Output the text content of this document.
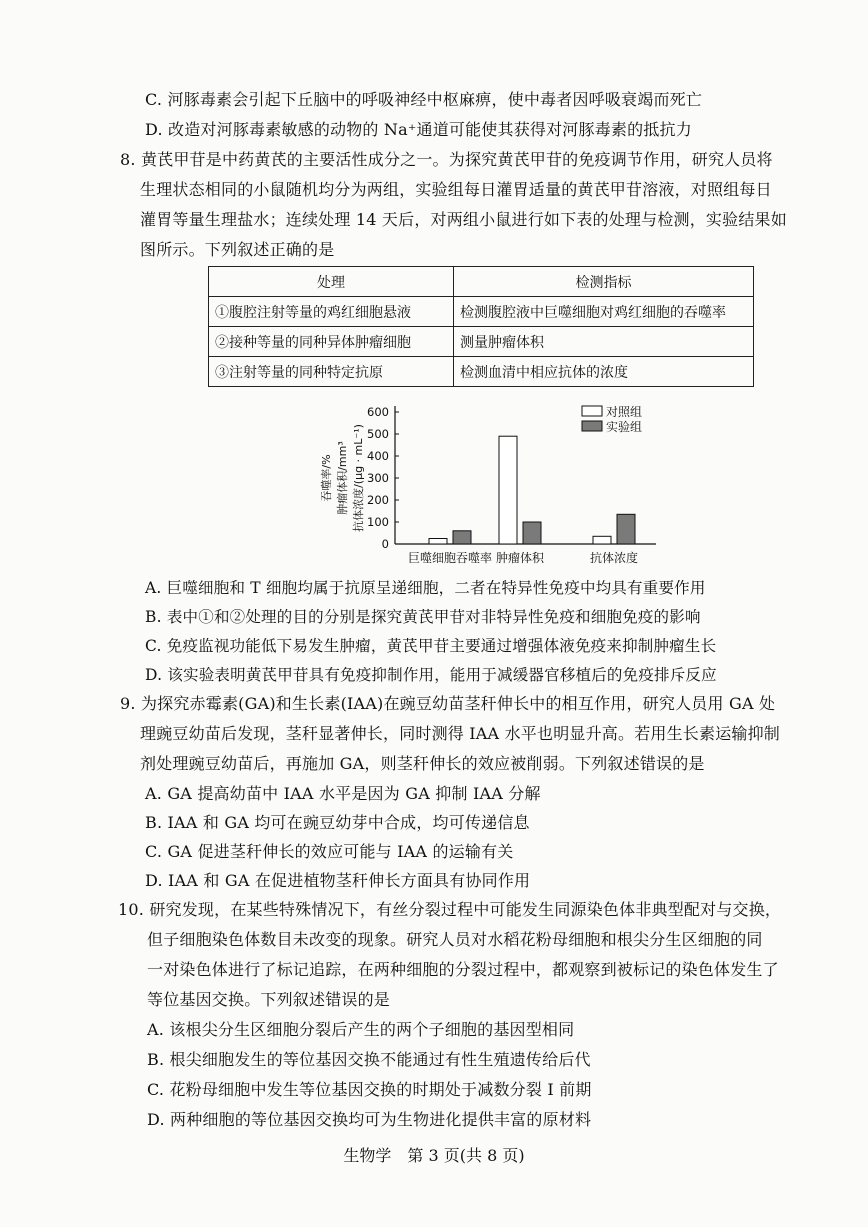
C. 河豚毒素会引起下丘脑中的呼吸神经中枢麻痹，使中毒者因呼吸衰竭而死亡
D. 改造对河豚毒素敏感的动物的 Na⁺通道可能使其获得对河豚毒素的抵抗力
8. 黄芪甲苷是中药黄芪的主要活性成分之一。为探究黄芪甲苷的免疫调节作用，研究人员将
生理状态相同的小鼠随机均分为两组，实验组每日灌胃适量的黄芪甲苷溶液，对照组每日
灌胃等量生理盐水；连续处理 14 天后，对两组小鼠进行如下表的处理与检测，实验结果如
图所示。下列叙述正确的是
处理	检测指标
①腹腔注射等量的鸡红细胞悬液	检测腹腔液中巨噬细胞对鸡红细胞的吞噬率
②接种等量的同种异体肿瘤细胞	测量肿瘤体积
③注射等量的同种特定抗原	检测血清中相应抗体的浓度
吞噬率/% 肿瘤体积/mm³ 抗体浓度/(μg · mL⁻¹)
0
100
200
300
400
500
600
巨噬细胞吞噬率 肿瘤体积	抗体浓度
对照组
实验组
A. 巨噬细胞和 T 细胞均属于抗原呈递细胞，二者在特异性免疫中均具有重要作用
B. 表中①和②处理的目的分别是探究黄芪甲苷对非特异性免疫和细胞免疫的影响
C. 免疫监视功能低下易发生肿瘤，黄芪甲苷主要通过增强体液免疫来抑制肿瘤生长
D. 该实验表明黄芪甲苷具有免疫抑制作用，能用于减缓器官移植后的免疫排斥反应
9. 为探究赤霉素(GA)和生长素(IAA)在豌豆幼苗茎秆伸长中的相互作用，研究人员用 GA 处
理豌豆幼苗后发现，茎秆显著伸长，同时测得 IAA 水平也明显升高。若用生长素运输抑制
剂处理豌豆幼苗后，再施加 GA，则茎秆伸长的效应被削弱。下列叙述错误的是
A. GA 提高幼苗中 IAA 水平是因为 GA 抑制 IAA 分解
B. IAA 和 GA 均可在豌豆幼芽中合成，均可传递信息
C. GA 促进茎秆伸长的效应可能与 IAA 的运输有关
D. IAA 和 GA 在促进植物茎秆伸长方面具有协同作用
10. 研究发现，在某些特殊情况下，有丝分裂过程中可能发生同源染色体非典型配对与交换，
但子细胞染色体数目未改变的现象。研究人员对水稻花粉母细胞和根尖分生区细胞的同
一对染色体进行了标记追踪，在两种细胞的分裂过程中，都观察到被标记的染色体发生了
等位基因交换。下列叙述错误的是
A. 该根尖分生区细胞分裂后产生的两个子细胞的基因型相同
B. 根尖细胞发生的等位基因交换不能通过有性生殖遗传给后代
C. 花粉母细胞中发生等位基因交换的时期处于减数分裂 Ⅰ 前期
D. 两种细胞的等位基因交换均可为生物进化提供丰富的原材料
生物学　第 3 页(共 8 页)
